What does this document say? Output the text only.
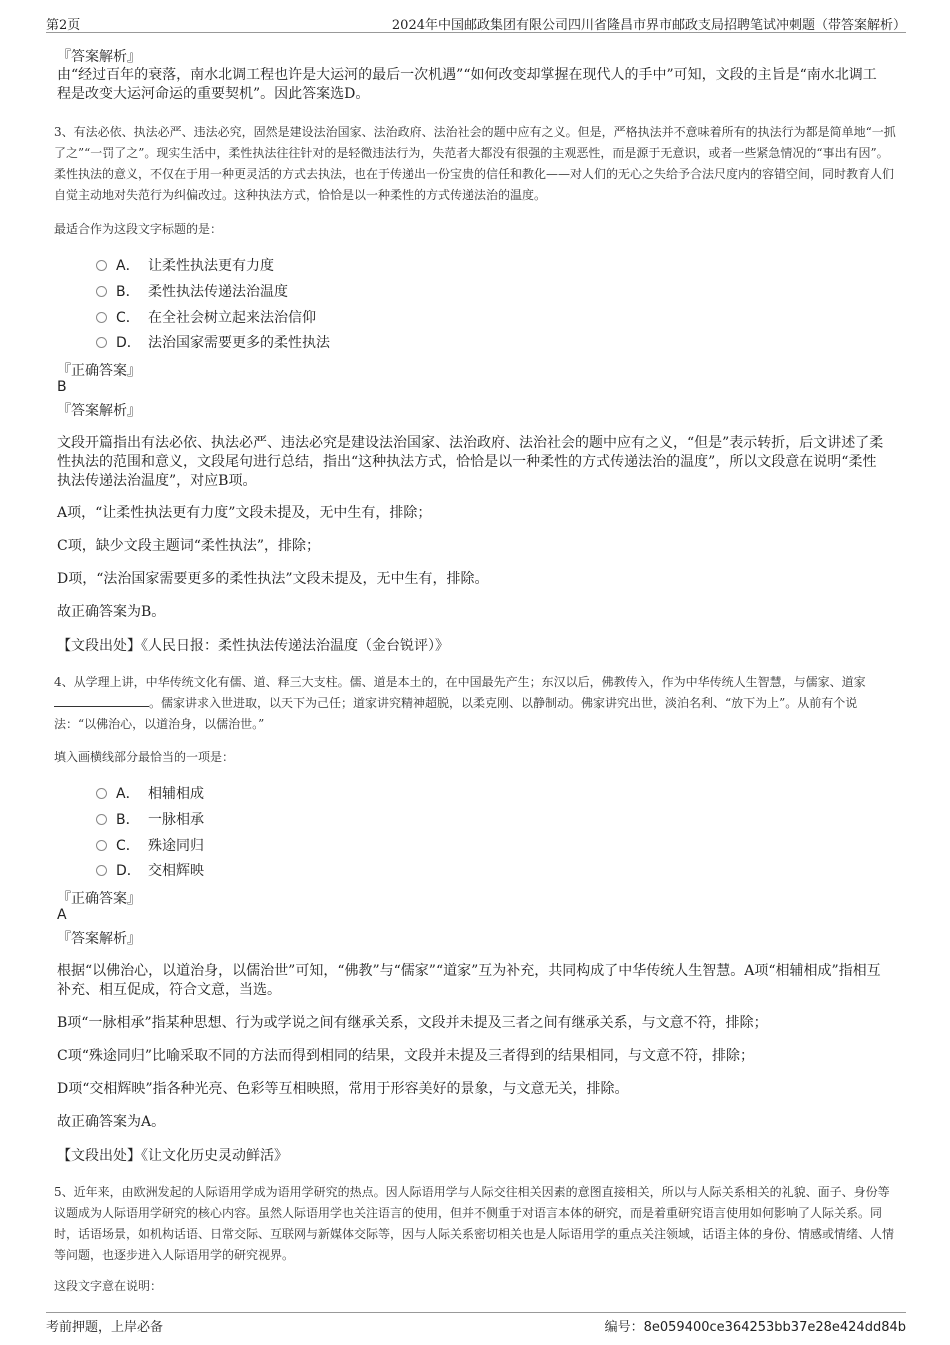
第2页	2024年中国邮政集团有限公司四川省隆昌市界市邮政支局招聘笔试冲刺题（带答案解析）
『答案解析』
由“经过百年的衰落，南水北调工程也许是大运河的最后一次机遇”“如何改变却掌握在现代人的手中”可知，文段的主旨是“南水北调工程是改变大运河命运的重要契机”。因此答案选D。
3、有法必依、执法必严、违法必究，固然是建设法治国家、法治政府、法治社会的题中应有之义。但是，严格执法并不意味着所有的执法行为都是简单地“一抓了之”“一罚了之”。现实生活中，柔性执法往往针对的是轻微违法行为，失范者大都没有很强的主观恶性，而是源于无意识，或者一些紧急情况的“事出有因”。柔性执法的意义，不仅在于用一种更灵活的方式去执法，也在于传递出一份宝贵的信任和教化——对人们的无心之失给予合法尺度内的容错空间，同时教育人们自觉主动地对失范行为纠偏改过。这种执法方式，恰恰是以一种柔性的方式传递法治的温度。
最适合作为这段文字标题的是：
A． 让柔性执法更有力度
B． 柔性执法传递法治温度
C． 在全社会树立起来法治信仰
D． 法治国家需要更多的柔性执法
『正确答案』
B
『答案解析』
文段开篇指出有法必依、执法必严、违法必究是建设法治国家、法治政府、法治社会的题中应有之义，“但是”表示转折，后文讲述了柔性执法的范围和意义，文段尾句进行总结，指出“这种执法方式，恰恰是以一种柔性的方式传递法治的温度”，所以文段意在说明“柔性执法传递法治温度”，对应B项。
A项，“让柔性执法更有力度”文段未提及，无中生有，排除；
C项，缺少文段主题词“柔性执法”，排除；
D项，“法治国家需要更多的柔性执法”文段未提及，无中生有，排除。
故正确答案为B。
【文段出处】《人民日报：柔性执法传递法治温度（金台锐评）》
4、从学理上讲，中华传统文化有儒、道、释三大支柱。儒、道是本土的，在中国最先产生；东汉以后，佛教传入，作为中华传统人生智慧，与儒家、道家。儒家讲求入世进取，以天下为己任；道家讲究精神超脱，以柔克刚、以静制动。佛家讲究出世，淡泊名利、“放下为上”。从前有个说法：“以佛治心，以道治身，以儒治世。”
填入画横线部分最恰当的一项是：
A． 相辅相成
B． 一脉相承
C． 殊途同归
D． 交相辉映
『正确答案』
A
『答案解析』
根据“以佛治心，以道治身，以儒治世”可知，“佛教”与“儒家”“道家”互为补充，共同构成了中华传统人生智慧。A项“相辅相成”指相互补充、相互促成，符合文意，当选。
B项“一脉相承”指某种思想、行为或学说之间有继承关系，文段并未提及三者之间有继承关系，与文意不符，排除；
C项“殊途同归”比喻采取不同的方法而得到相同的结果，文段并未提及三者得到的结果相同，与文意不符，排除；
D项“交相辉映”指各种光亮、色彩等互相映照，常用于形容美好的景象，与文意无关，排除。
故正确答案为A。
【文段出处】《让文化历史灵动鲜活》
5、近年来，由欧洲发起的人际语用学成为语用学研究的热点。因人际语用学与人际交往相关因素的意图直接相关，所以与人际关系相关的礼貌、面子、身份等议题成为人际语用学研究的核心内容。虽然人际语用学也关注语言的使用，但并不侧重于对语言本体的研究，而是着重研究语言使用如何影响了人际关系。同时，话语场景，如机构话语、日常交际、互联网与新媒体交际等，因与人际关系密切相关也是人际语用学的重点关注领域，话语主体的身份、情感或情绪、人情等问题，也逐步进入人际语用学的研究视界。
这段文字意在说明：
考前押题，上岸必备	编号：8e059400ce364253bb37e28e424dd84b
